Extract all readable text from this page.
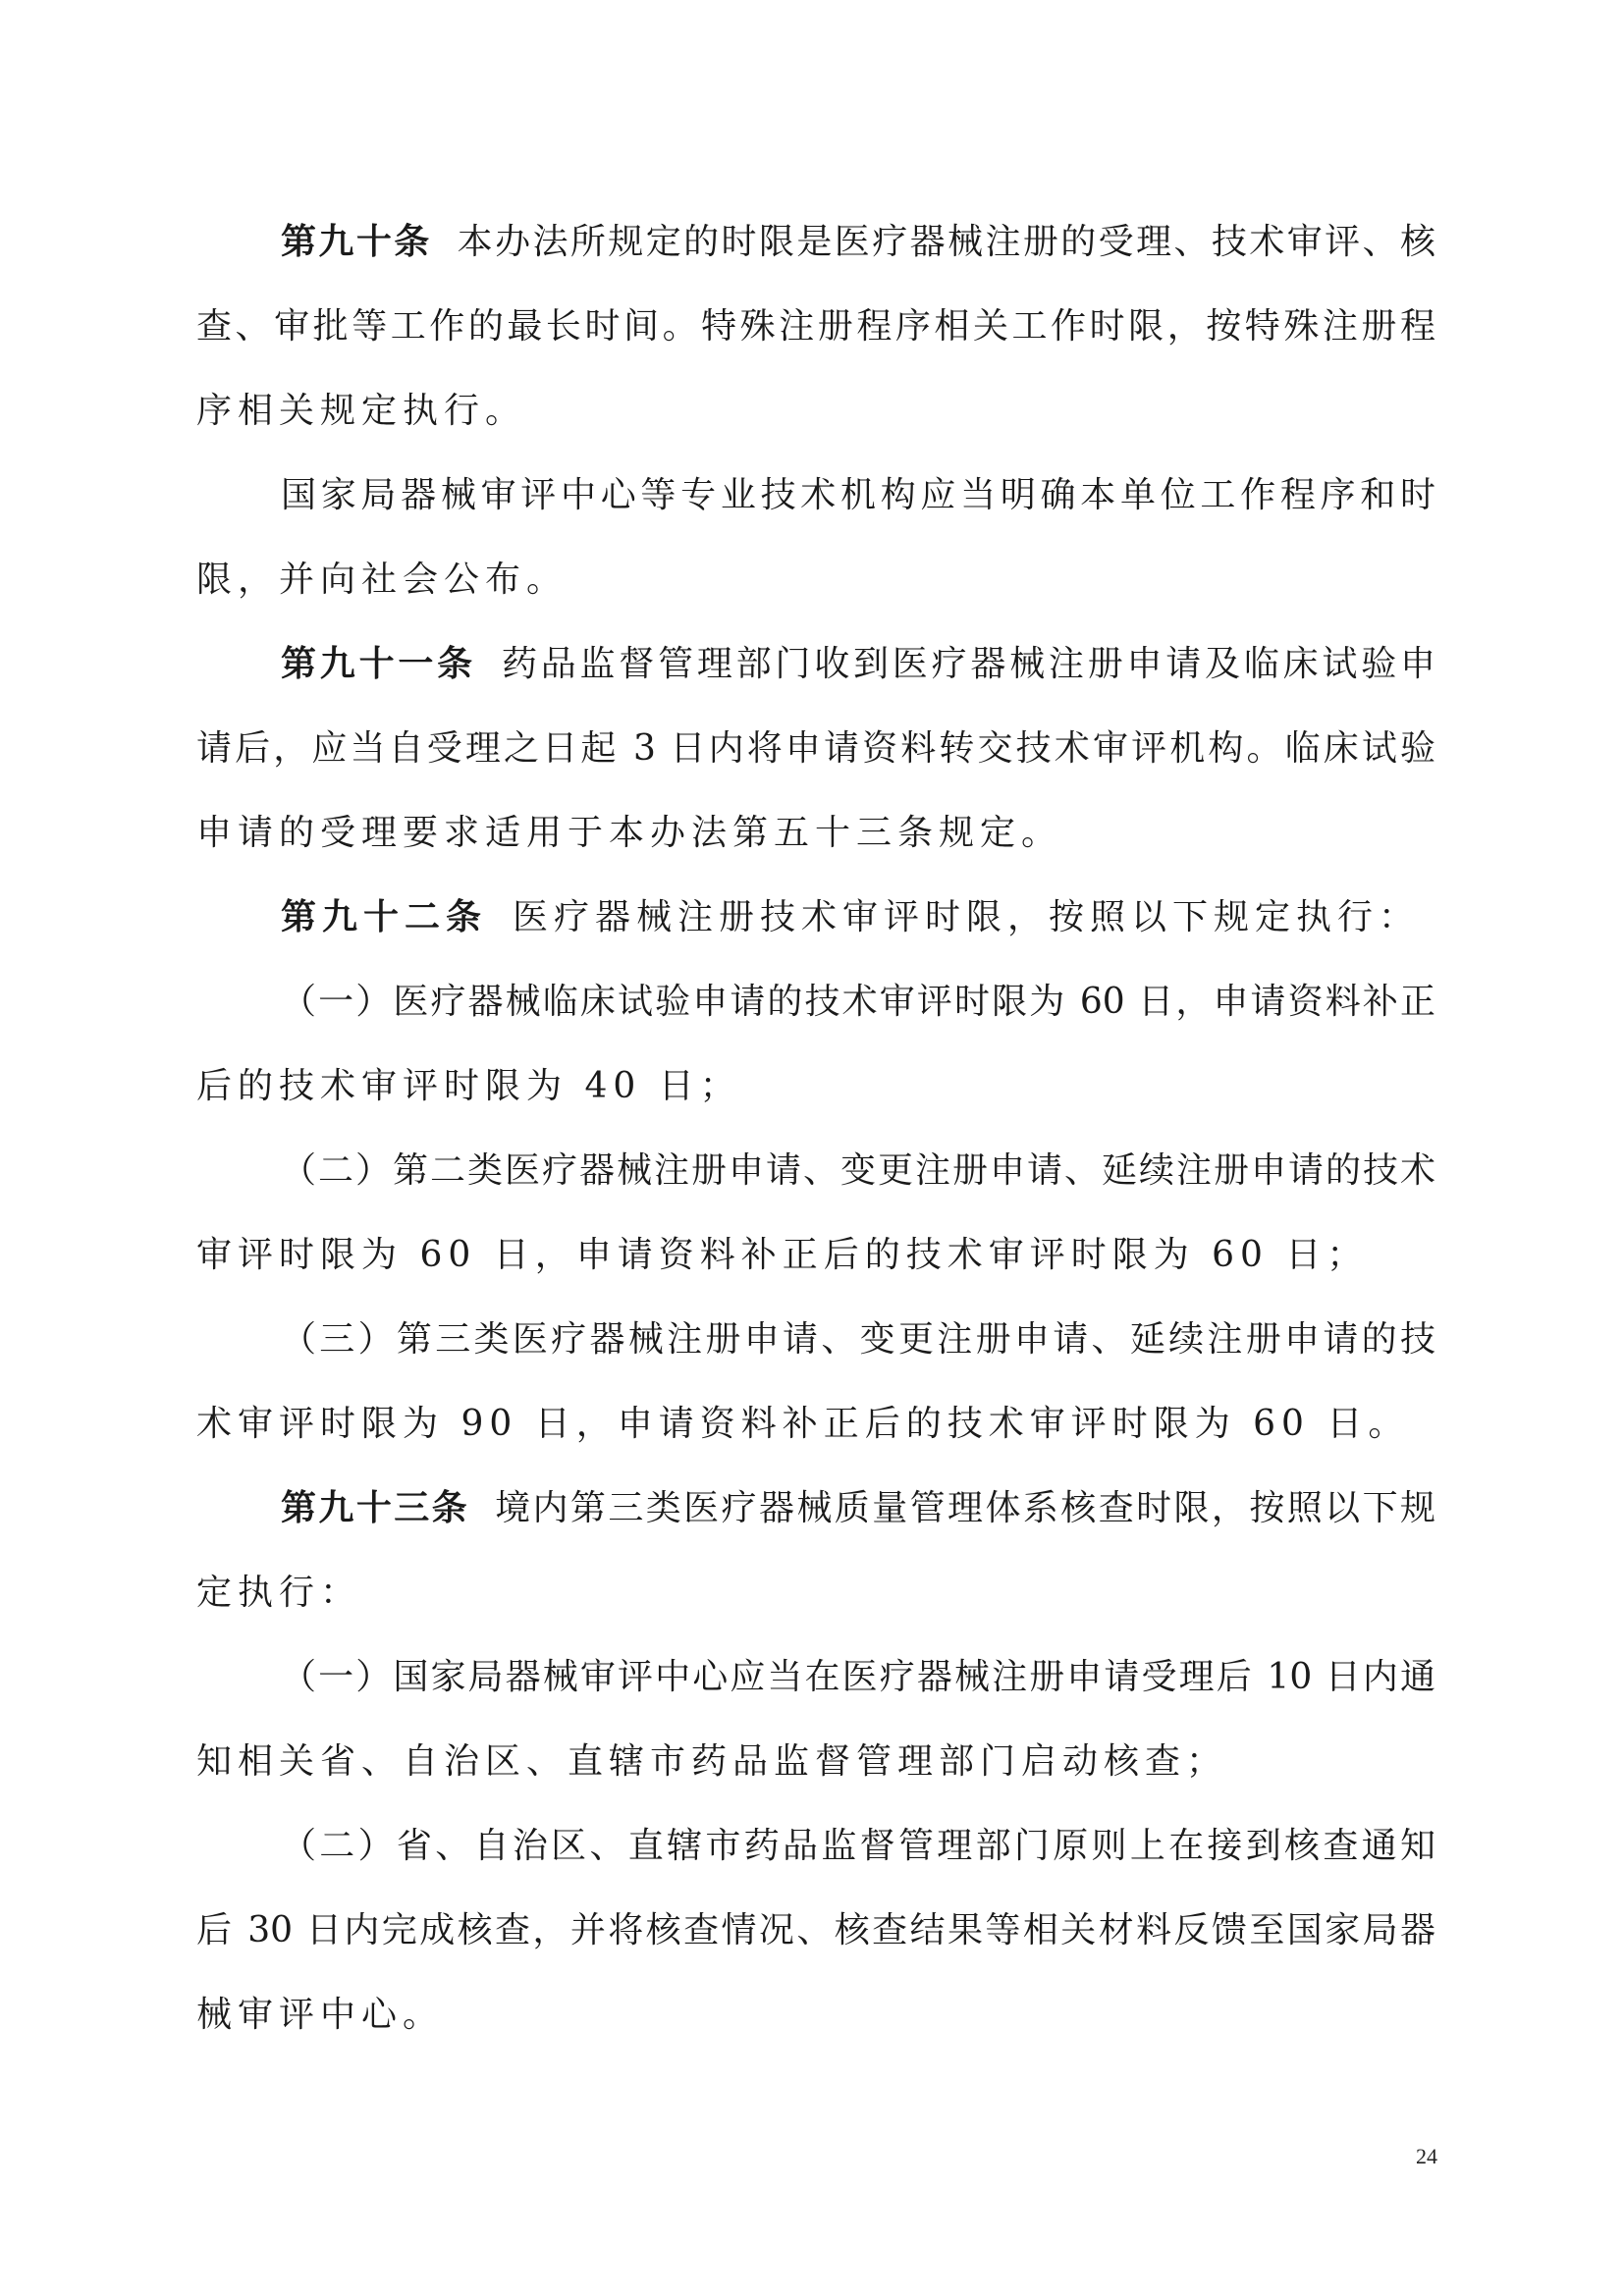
第九十条 本办法所规定的时限是医疗器械注册的受理、技术审评、核
查、审批等工作的最长时间。特殊注册程序相关工作时限，按特殊注册程
序相关规定执行。
国家局器械审评中心等专业技术机构应当明确本单位工作程序和时
限，并向社会公布。
第九十一条 药品监督管理部门收到医疗器械注册申请及临床试验申
请后，应当自受理之日起 3 日内将申请资料转交技术审评机构。临床试验
申请的受理要求适用于本办法第五十三条规定。
第九十二条 医疗器械注册技术审评时限，按照以下规定执行：
（一）医疗器械临床试验申请的技术审评时限为 60 日，申请资料补正
后的技术审评时限为 40 日；
（二）第二类医疗器械注册申请、变更注册申请、延续注册申请的技术
审评时限为 60 日，申请资料补正后的技术审评时限为 60 日；
（三）第三类医疗器械注册申请、变更注册申请、延续注册申请的技
术审评时限为 90 日，申请资料补正后的技术审评时限为 60 日。
第九十三条 境内第三类医疗器械质量管理体系核查时限，按照以下规
定执行：
（一）国家局器械审评中心应当在医疗器械注册申请受理后 10 日内通
知相关省、自治区、直辖市药品监督管理部门启动核查；
（二）省、自治区、直辖市药品监督管理部门原则上在接到核查通知
后 30 日内完成核查，并将核查情况、核查结果等相关材料反馈至国家局器
械审评中心。
24
